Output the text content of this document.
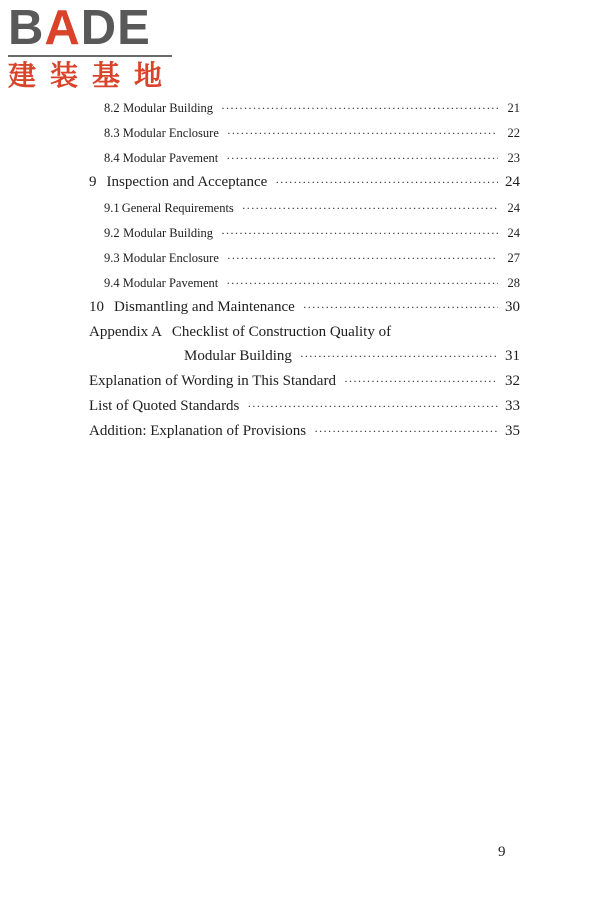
BADE
建装基地
8.2 Modular Building ·····	21
8.3 Modular Enclosure ·····	22
8.4 Modular Pavement ·····	23
9 Inspection and Acceptance ·····	24
9.1 General Requirements ·····	24
9.2 Modular Building ·····	24
9.3 Modular Enclosure ·····	27
9.4 Modular Pavement ·····	28
10 Dismantling and Maintenance ·····	30
Appendix A Checklist of Construction Quality of
Modular Building ·····	31
Explanation of Wording in This Standard ·····	32
List of Quoted Standards ·····	33
Addition: Explanation of Provisions ·····	35
9
